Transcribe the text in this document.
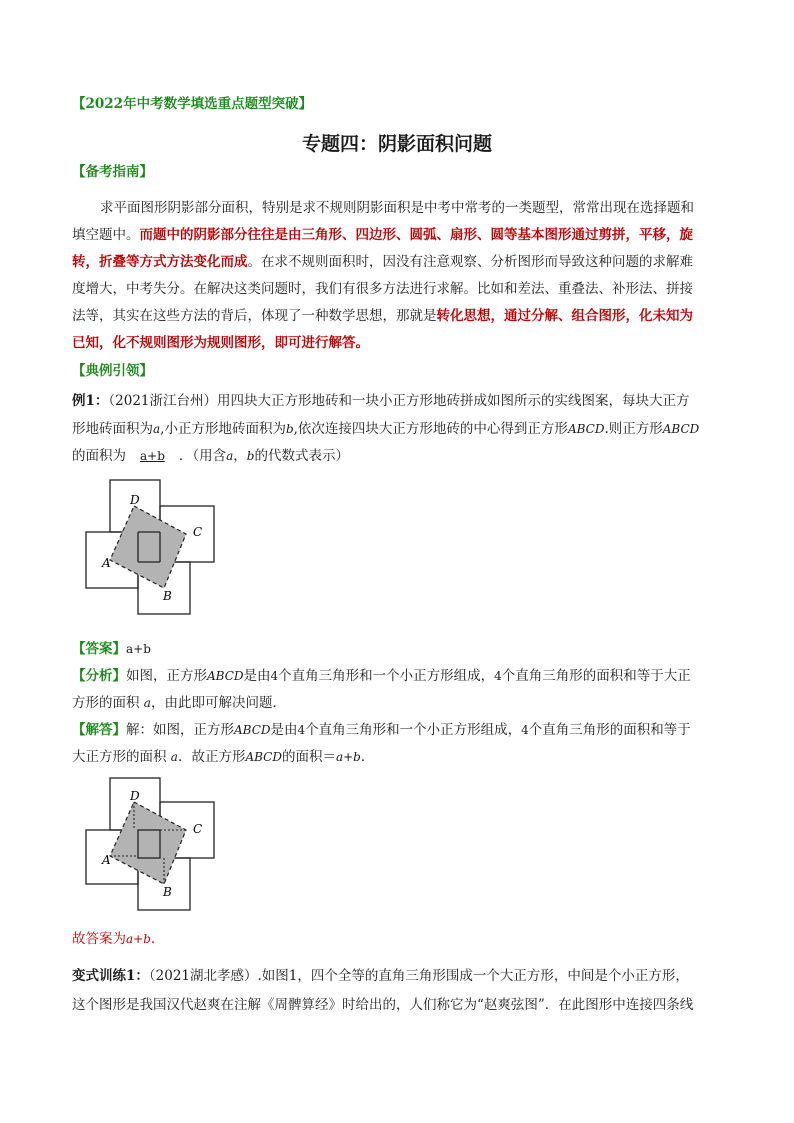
【2022年中考数学填选重点题型突破】
专题四：阴影面积问题
【备考指南】
求平面图形阴影部分面积，特别是求不规则阴影面积是中考中常考的一类题型，常常出现在选择题和
填空题中。而题中的阴影部分往往是由三角形、四边形、圆弧、扇形、圆等基本图形通过剪拼，平移，旋
转，折叠等方式方法变化而成。在求不规则面积时，因没有注意观察、分析图形而导致这种问题的求解难
度增大，中考失分。在解决这类问题时，我们有很多方法进行求解。比如和差法、重叠法、补形法、拼接
法等，其实在这些方法的背后，体现了一种数学思想，那就是转化思想，通过分解、组合图形，化未知为
已知，化不规则图形为规则图形，即可进行解答。
【典例引领】
例1：（2021浙江台州）用四块大正方形地砖和一块小正方形地砖拼成如图所示的实线图案，每块大正方
形地砖面积为a,小正方形地砖面积为b,依次连接四块大正方形地砖的中心得到正方形ABCD.则正方形ABCD
的面积为 a+b ．（用含a，b的代数式表示）
D
C
A
B
【答案】a+b
【分析】如图，正方形ABCD是由4个直角三角形和一个小正方形组成，4个直角三角形的面积和等于大正
方形的面积 a，由此即可解决问题．
【解答】解：如图，正方形ABCD是由4个直角三角形和一个小正方形组成，4个直角三角形的面积和等于
大正方形的面积 a．故正方形ABCD的面积＝a+b．
D
C
A
B
故答案为a+b．
变式训练1：（2021湖北孝感）.如图1，四个全等的直角三角形围成一个大正方形，中间是个小正方形，
这个图形是我国汉代赵爽在注解《周髀算经》时给出的，人们称它为“赵爽弦图”．在此图形中连接四条线
